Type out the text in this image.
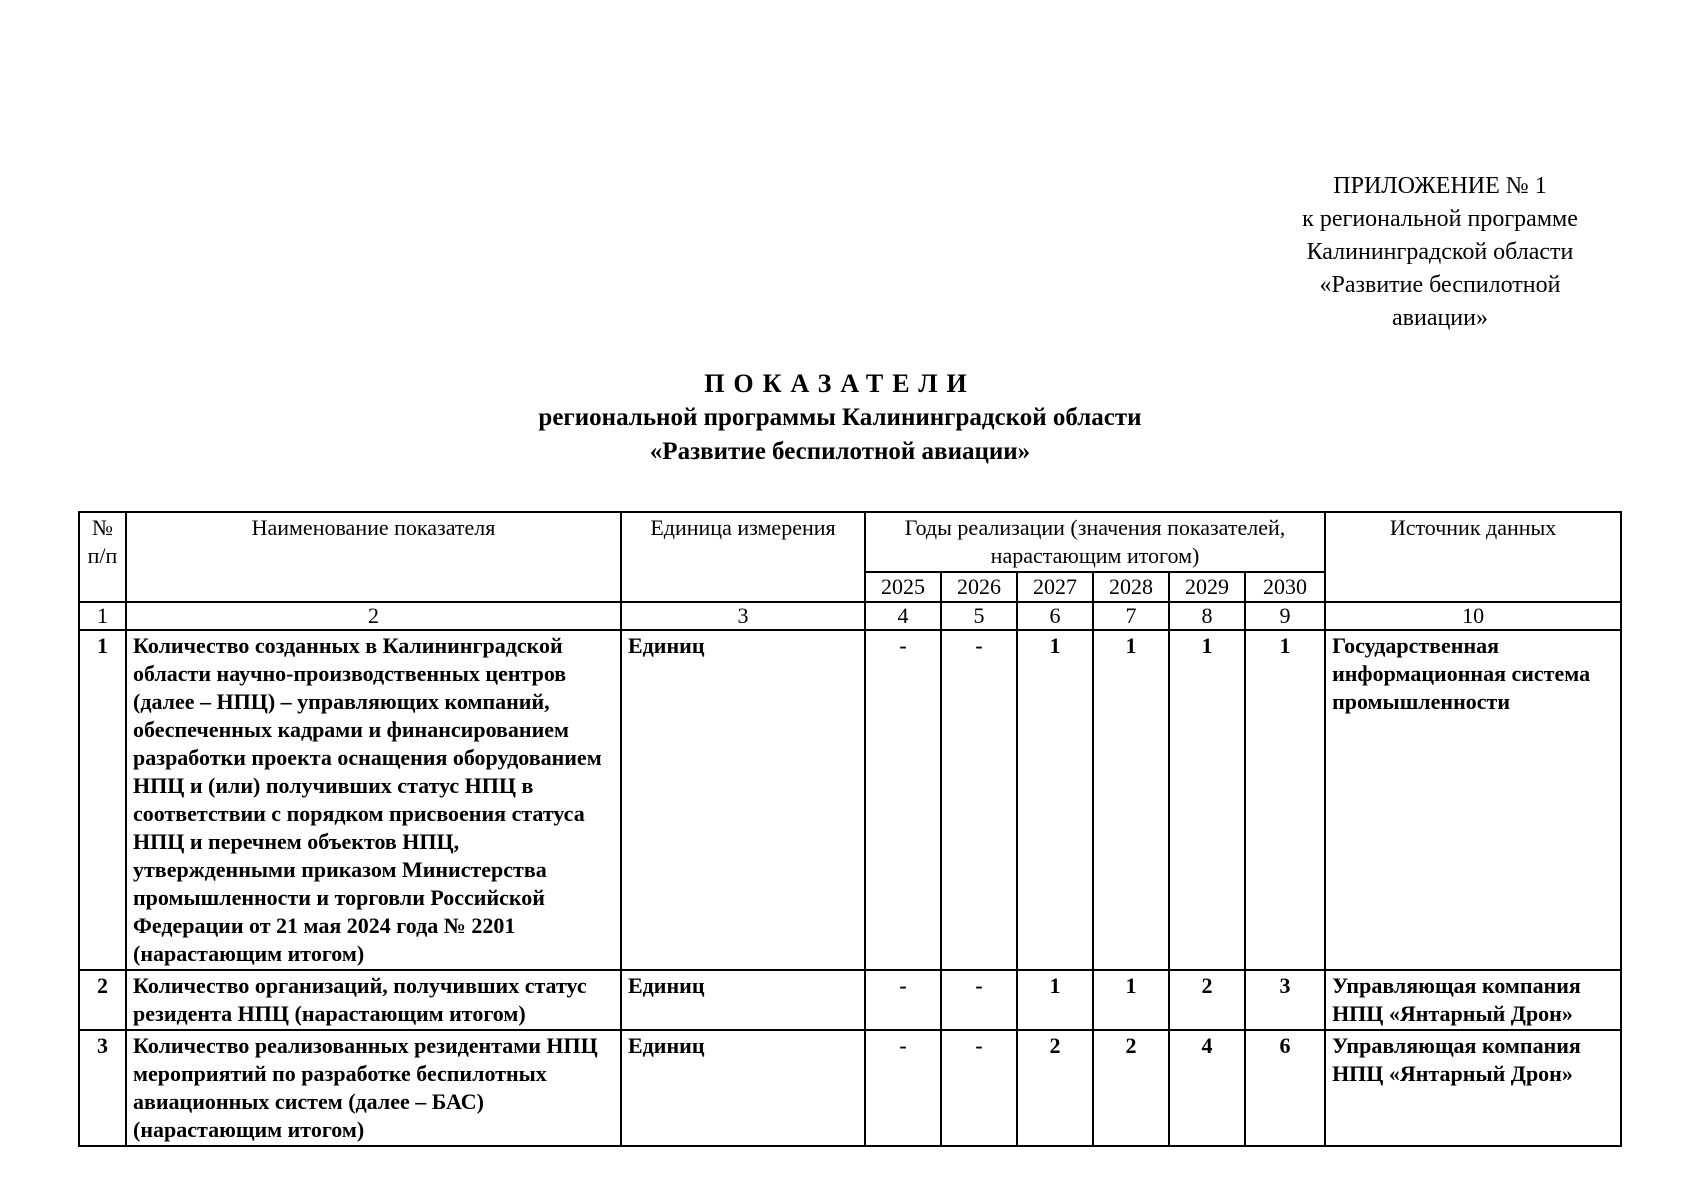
ПРИЛОЖЕНИЕ № 1
к региональной программе
Калининградской области
«Развитие беспилотной
авиации»
ПОКАЗАТЕЛИ
региональной программы Калининградской области
«Развитие беспилотной авиации»
№ п/п	Наименование показателя	Единица измерения	Годы реализации (значения показателей, нарастающим итогом)						Источник данных
			2025	2026	2027	2028	2029	2030	
1	2	3	4	5	6	7	8	9	10
1	Количество созданных в Калининградской области научно-производственных центров (далее – НПЦ) – управляющих компаний, обеспеченных кадрами и финансированием разработки проекта оснащения оборудованием НПЦ и (или) получивших статус НПЦ в соответствии с порядком присвоения статуса НПЦ и перечнем объектов НПЦ, утвержденными приказом Министерства промышленности и торговли Российской Федерации от 21 мая 2024 года № 2201 (нарастающим итогом)	Единиц	-	-	1	1	1	1	Государственная информационная система промышленности
2	Количество организаций, получивших статус резидента НПЦ (нарастающим итогом)	Единиц	-	-	1	1	2	3	Управляющая компания НПЦ «Янтарный Дрон»
3	Количество реализованных резидентами НПЦ мероприятий по разработке беспилотных авиационных систем (далее – БАС) (нарастающим итогом)	Единиц	-	-	2	2	4	6	Управляющая компания НПЦ «Янтарный Дрон»
